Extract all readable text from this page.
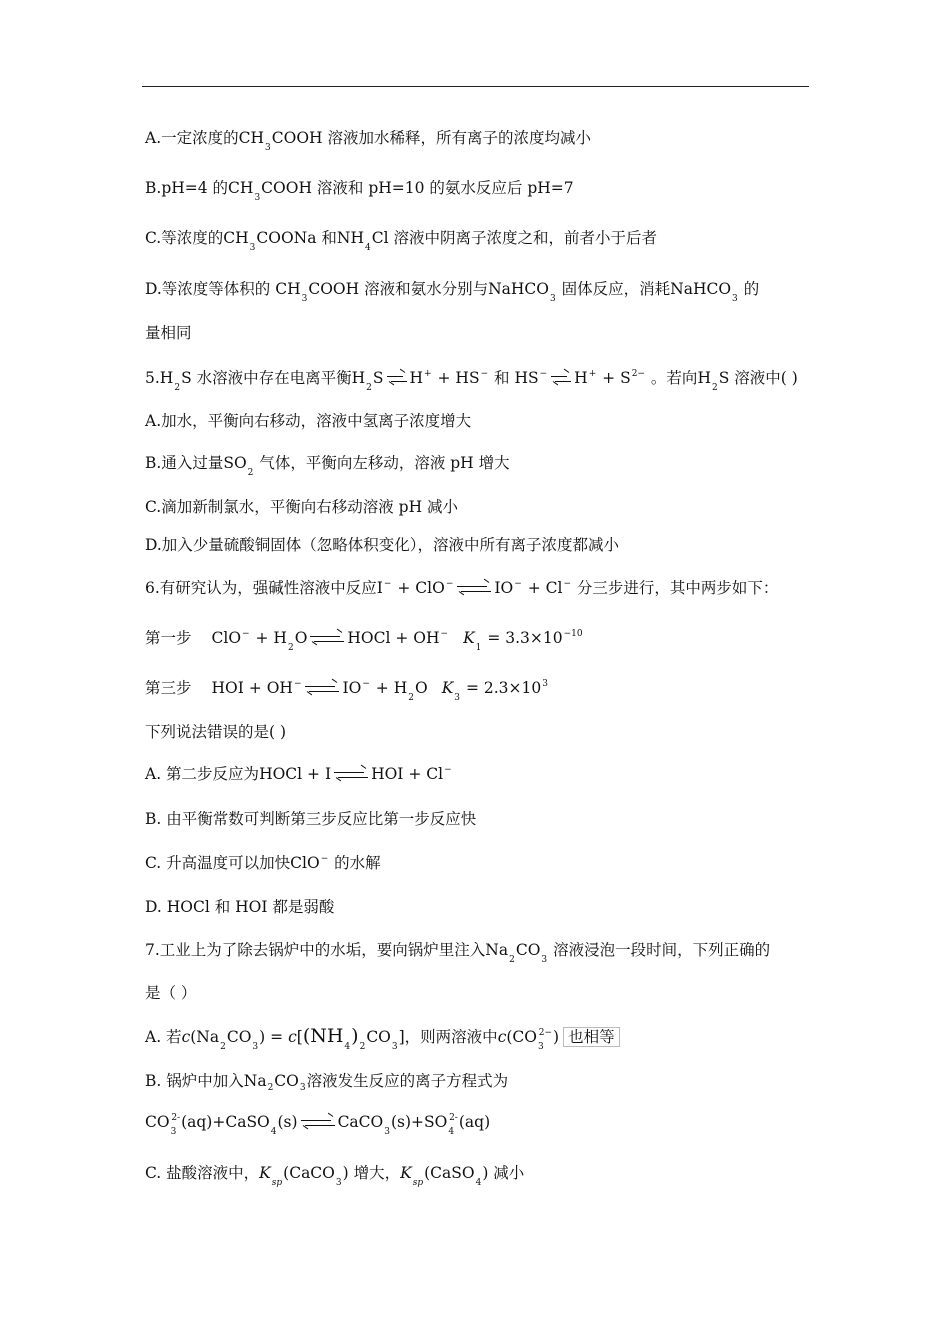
A.一定浓度的$CH_3COOH$ 溶液加水稀释，所有离子的浓度均减小
B.pH=4 的$CH_3COOH$ 溶液和 pH=10 的氨水反应后 pH=7
C.等浓度的$CH_3COONa$ 和$NH_4Cl$ 溶液中阴离子浓度之和，前者小于后者
D.等浓度等体积的 $CH_3COOH$ 溶液和氨水分别与NaHCO$_3$ 固体反应，消耗NaHCO$_3$ 的
量相同
$5.H_2S$ 水溶液中存在电离平衡$H_2S$ H+ + HS− 和 HS− $H^+ + S^{2-}$ 。若向$H_2S$ 溶液中( )
A.加水，平衡向右移动，溶液中氢离子浓度增大
B.通入过量$SO_2$ 气体，平衡向左移动，溶液 pH 增大
C.滴加新制氯水，平衡向右移动溶液 pH 减小
D.加入少量硫酸铜固体（忽略体积变化），溶液中所有离子浓度都减小
6.有研究认为，强碱性溶液中反应I− + ClO−	IO− + Cl− 分三步进行，其中两步如下：
第一步 $ClO^- + H_2O$	HOCl + OH− $K_1 = 3.3\times 10^{-10}$
第三步 HOI + OH−	$IO^- + H_2O$ $K_3 = 2.3\times 10^3$
下列说法错误的是( )
A. 第二步反应为HOCl + I	HOI + Cl−
B. 由平衡常数可判断第三步反应比第一步反应快
C. 升高温度可以加快ClO− 的水解
D. HOCl 和 HOI 都是弱酸
7.工业上为了除去锅炉中的水垢，要向锅炉里注入$Na_2CO_3$ 溶液浸泡一段时间，下列正确的
是（ ）
A. 若$c(Na_2CO_3) = c[(NH_4)_2CO_3]$，则两溶液中$c(CO_3^{2-})$ 也相等
B. 锅炉中加入$Na_2CO_3$溶液发生反应的离子方程式为
$CO_3^{2-}(aq)+CaSO_4(s)$	$CaCO_3(s)+SO_4^{2-}(aq)$
C. 盐酸溶液中，$K_{sp}(CaCO_3)$ 增大，$K_{sp}(CaSO_4)$ 减小
